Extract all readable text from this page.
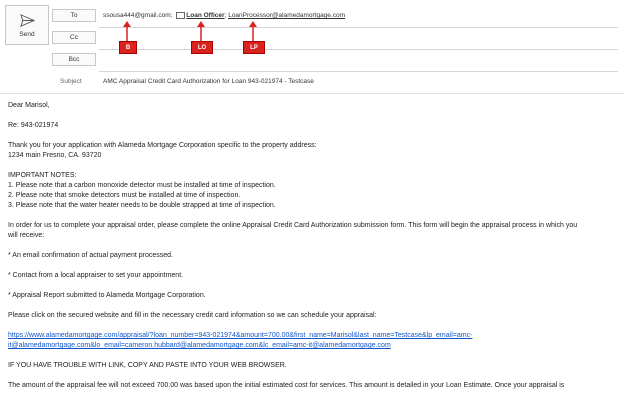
Send
To
Cc
Bcc
ssousa444@gmail.com; Loan Officer; LoanProcessor@alamedamortgage.com
Subject	AMC Appraisal Credit Card Authorization for Loan 943-021974 - Testcase
B	LO	LP

Dear Marisol,

Re: 943-021974

Thank you for your application with Alameda Mortgage Corporation specific to the property address:

1234 main Fresno, CA. 93720

IMPORTANT NOTES:

1. Please note that a carbon monoxide detector must be installed at time of inspection.

2. Please note that smoke detectors must be installed at time of inspection.

3. Please note that the water heater needs to be double strapped at time of inspection.

In order for us to complete your appraisal order, please complete the online Appraisal Credit Card Authorization submission form. This form will begin the appraisal process in which you

will receive:

* An email confirmation of actual payment processed.

* Contact from a local appraiser to set your appointment.

* Appraisal Report submitted to Alameda Mortgage Corporation.

Please click on the secured website and fill in the necessary credit card information so we can schedule your appraisal:

https://www.alamedamortgage.com/appraisal/?loan_number=943-021974&amount=700.00&first_name=Marisol&last_name=Testcase&lp_email=amc-

it@alamedamortgage.com&lo_email=cameron.hubbard@alamedamortgage.com&lc_email=amc-it@alamedamortgage.com

IF YOU HAVE TROUBLE WITH LINK, COPY AND PASTE INTO YOUR WEB BROWSER.

The amount of the appraisal fee will not exceed 700.00 was based upon the initial estimated cost for services. This amount is detailed in your Loan Estimate. Once your appraisal is
